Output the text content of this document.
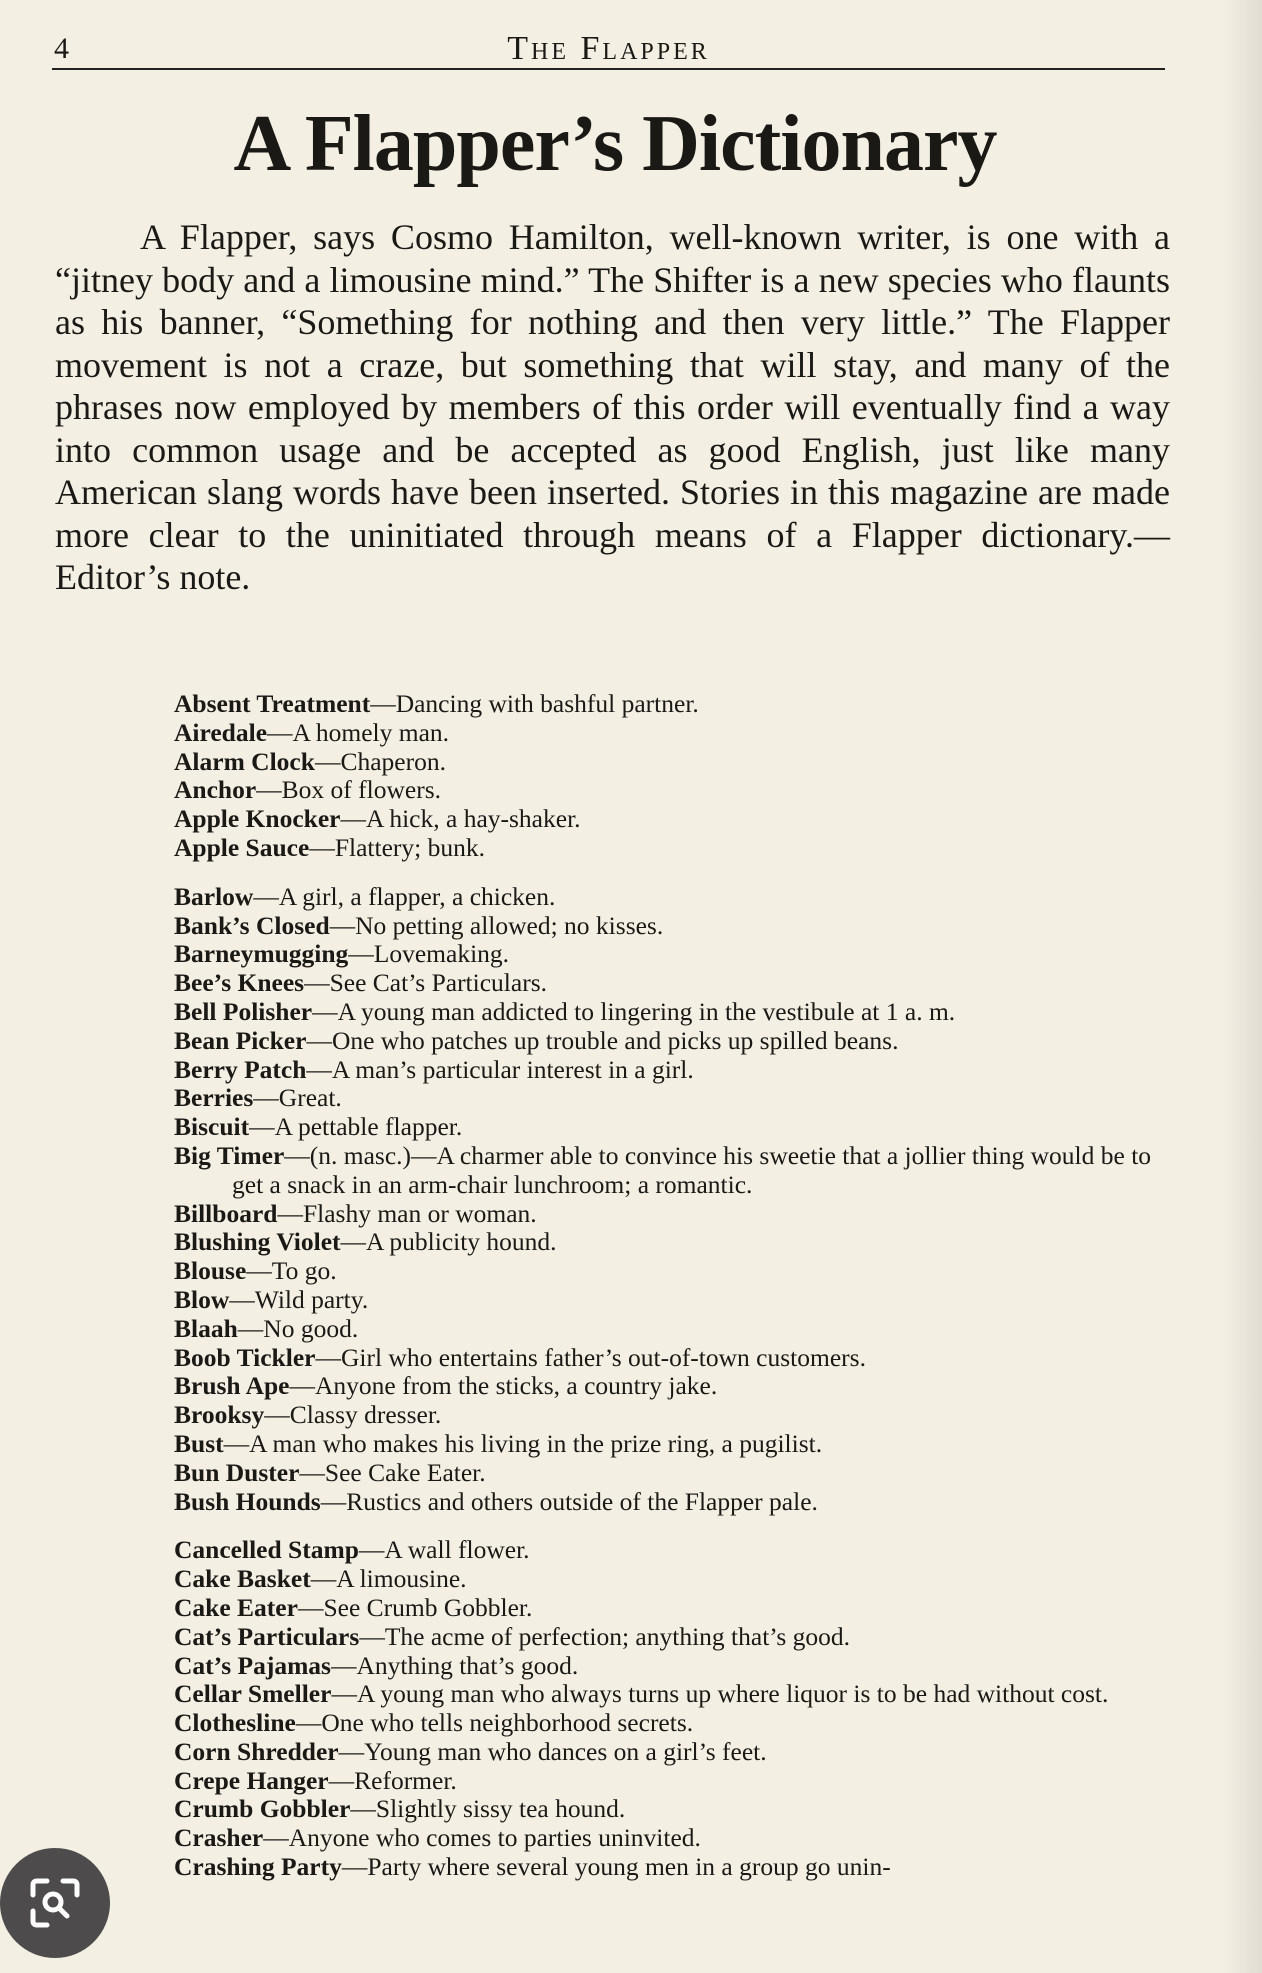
4	The Flapper
A Flapper’s Dictionary

A Flapper, says Cosmo Hamilton, well-known writer, is one with a “jitney body and a limousine mind.” The Shifter is a new species who flaunts as his banner, “Something for nothing and then very little.” The Flapper movement is not a craze, but something that will stay, and many of the phrases now employed by members of this order will eventually find a way into common usage and be accepted as good English, just like many American slang words have been inserted. Stories in this magazine are made more clear to the uninitiated through means of a Flapper dictionary.—Editor’s note.

Absent Treatment—Dancing with bashful partner.
Airedale—A homely man.
Alarm Clock—Chaperon.
Anchor—Box of flowers.
Apple Knocker—A hick, a hay-shaker.
Apple Sauce—Flattery; bunk.
Barlow—A girl, a flapper, a chicken.
Bank’s Closed—No petting allowed; no kisses.
Barneymugging—Lovemaking.
Bee’s Knees—See Cat’s Particulars.
Bell Polisher—A young man addicted to lingering in the vestibule at 1 a. m.
Bean Picker—One who patches up trouble and picks up spilled beans.
Berry Patch—A man’s particular interest in a girl.
Berries—Great.
Biscuit—A pettable flapper.
Big Timer—(n. masc.)—A charmer able to convince his sweetie that a jollier thing would be to get a snack in an arm-chair lunchroom; a romantic.
Billboard—Flashy man or woman.
Blushing Violet—A publicity hound.
Blouse—To go.
Blow—Wild party.
Blaah—No good.
Boob Tickler—Girl who entertains father’s out-of-town customers.
Brush Ape—Anyone from the sticks, a country jake.
Brooksy—Classy dresser.
Bust—A man who makes his living in the prize ring, a pugilist.
Bun Duster—See Cake Eater.
Bush Hounds—Rustics and others outside of the Flapper pale.
Cancelled Stamp—A wall flower.
Cake Basket—A limousine.
Cake Eater—See Crumb Gobbler.
Cat’s Particulars—The acme of perfection; anything that’s good.
Cat’s Pajamas—Anything that’s good.
Cellar Smeller—A young man who always turns up where liquor is to be had without cost.
Clothesline—One who tells neighborhood secrets.
Corn Shredder—Young man who dances on a girl’s feet.
Crepe Hanger—Reformer.
Crumb Gobbler—Slightly sissy tea hound.
Crasher—Anyone who comes to parties uninvited.
Crashing Party—Party where several young men in a group go unin-
